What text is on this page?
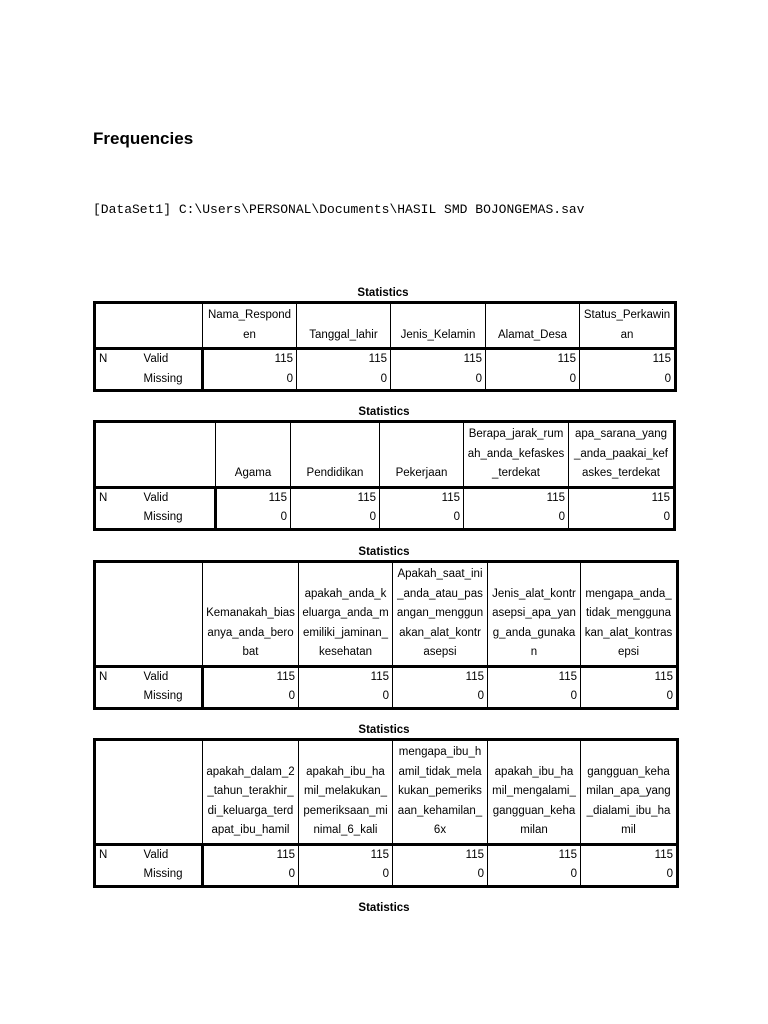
Frequencies

[DataSet1] C:\Users\PERSONAL\Documents\HASIL SMD BOJONGEMAS.sav

Statistics
		Nama_Responden	Tanggal_lahir	Jenis_Kelamin	Alamat_Desa	Status_Perkawinan
N	Valid	115	115	115	115	115
	Missing	0	0	0	0	0
Statistics
		Agama	Pendidikan	Pekerjaan	Berapa_jarak_rumah_anda_kefaskes_terdekat	apa_sarana_yang_anda_paakai_kefaskes_terdekat
N	Valid	115	115	115	115	115
	Missing	0	0	0	0	0
Statistics
		Kemanakah_biasanya_anda_berobat	apakah_anda_keluarga_anda_memiliki_jaminan_kesehatan	Apakah_saat_ini_anda_atau_pasangan_menggunakan_alat_kontrasepsi	Jenis_alat_kontrasepsi_apa_yang_anda_gunakan	mengapa_anda_tidak_menggunakan_alat_kontrasepsi
N	Valid	115	115	115	115	115
	Missing	0	0	0	0	0
Statistics
		apakah_dalam_2_tahun_terakhir_di_keluarga_terdapat_ibu_hamil	apakah_ibu_hamil_melakukan_pemeriksaan_minimal_6_kali	mengapa_ibu_hamil_tidak_melakukan_pemeriksaan_kehamilan_6x	apakah_ibu_hamil_mengalami_gangguan_kehamilan	gangguan_kehamilan_apa_yang_dialami_ibu_hamil
N	Valid	115	115	115	115	115
	Missing	0	0	0	0	0
Statistics
